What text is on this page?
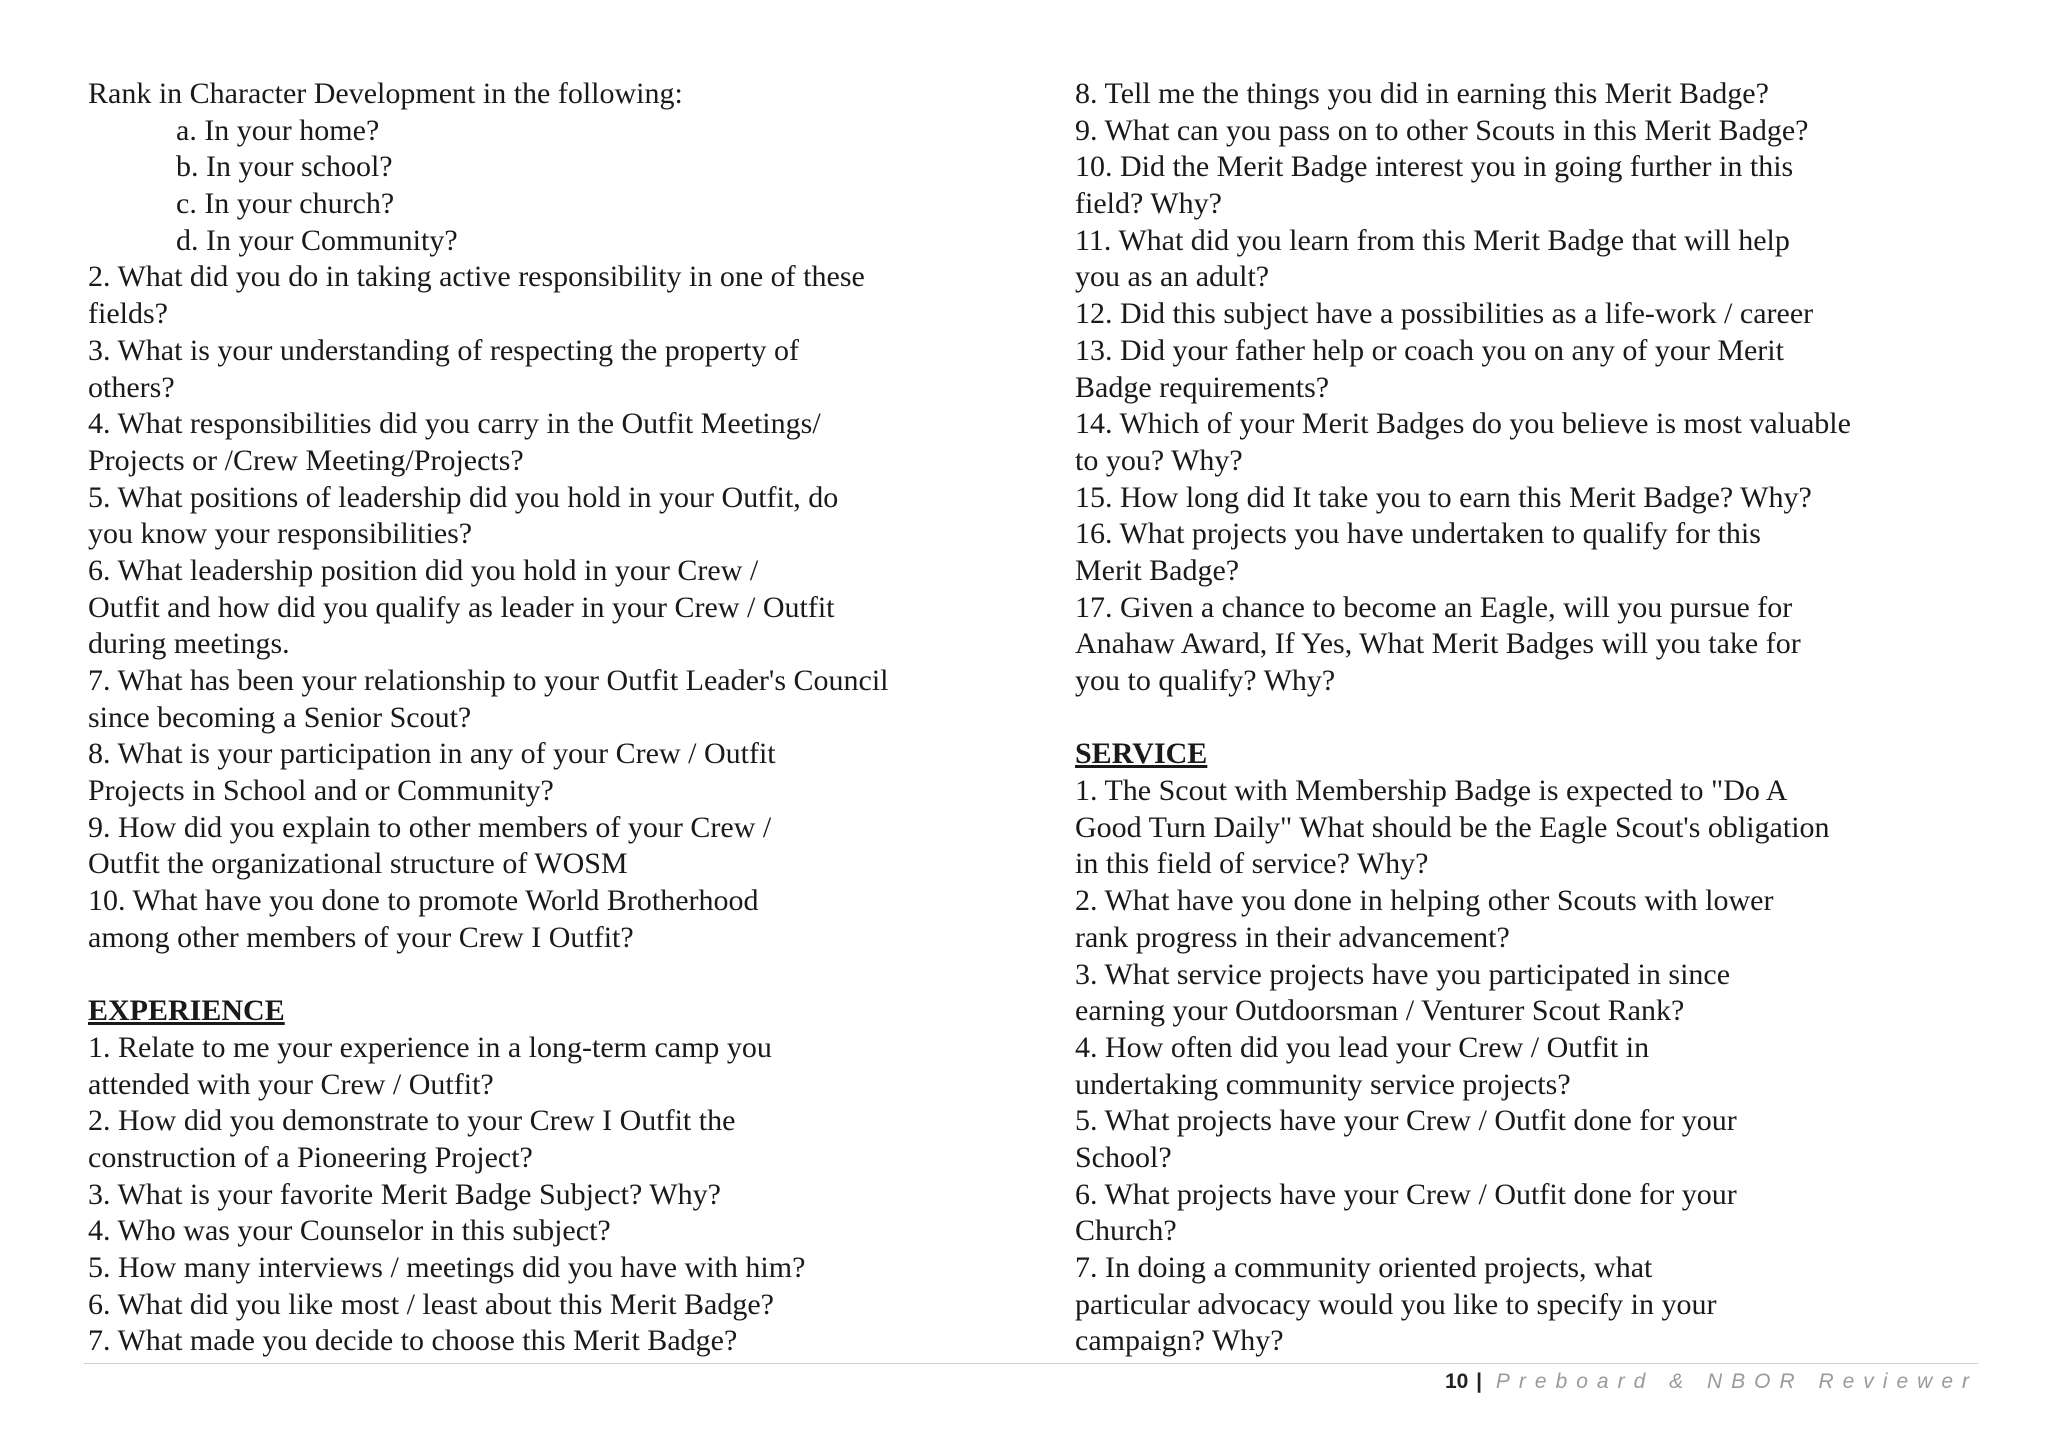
Rank in Character Development in the following:
a. In your home?
b. In your school?
c. In your church?
d. In your Community?
2. What did you do in taking active responsibility in one of these
fields?
3. What is your understanding of respecting the property of
others?
4. What responsibilities did you carry in the Outfit Meetings/
Projects or /Crew Meeting/Projects?
5. What positions of leadership did you hold in your Outfit, do
you know your responsibilities?
6. What leadership position did you hold in your Crew /
Outfit and how did you qualify as leader in your Crew / Outfit
during meetings.
7. What has been your relationship to your Outfit Leader's Council
since becoming a Senior Scout?
8. What is your participation in any of your Crew / Outfit
Projects in School and or Community?
9. How did you explain to other members of your Crew /
Outfit the organizational structure of WOSM
10. What have you done to promote World Brotherhood
among other members of your Crew I Outfit?
EXPERIENCE
1. Relate to me your experience in a long-term camp you
attended with your Crew / Outfit?
2. How did you demonstrate to your Crew I Outfit the
construction of a Pioneering Project?
3. What is your favorite Merit Badge Subject? Why?
4. Who was your Counselor in this subject?
5. How many interviews / meetings did you have with him?
6. What did you like most / least about this Merit Badge?
7. What made you decide to choose this Merit Badge?
8. Tell me the things you did in earning this Merit Badge?
9. What can you pass on to other Scouts in this Merit Badge?
10. Did the Merit Badge interest you in going further in this
field? Why?
11. What did you learn from this Merit Badge that will help
you as an adult?
12. Did this subject have a possibilities as a life-work / career
13. Did your father help or coach you on any of your Merit
Badge requirements?
14. Which of your Merit Badges do you believe is most valuable
to you? Why?
15. How long did It take you to earn this Merit Badge? Why?
16. What projects you have undertaken to qualify for this
Merit Badge?
17. Given a chance to become an Eagle, will you pursue for
Anahaw Award, If Yes, What Merit Badges will you take for
you to qualify? Why?
SERVICE
1. The Scout with Membership Badge is expected to "Do A
Good Turn Daily" What should be the Eagle Scout's obligation
in this field of service? Why?
2. What have you done in helping other Scouts with lower
rank progress in their advancement?
3. What service projects have you participated in since
earning your Outdoorsman / Venturer Scout Rank?
4. How often did you lead your Crew / Outfit in
undertaking community service projects?
5. What projects have your Crew / Outfit done for your
School?
6. What projects have your Crew / Outfit done for your
Church?
7. In doing a community oriented projects, what
particular advocacy would you like to specify in your
campaign? Why?
10 | Preboard & NBOR Reviewer
